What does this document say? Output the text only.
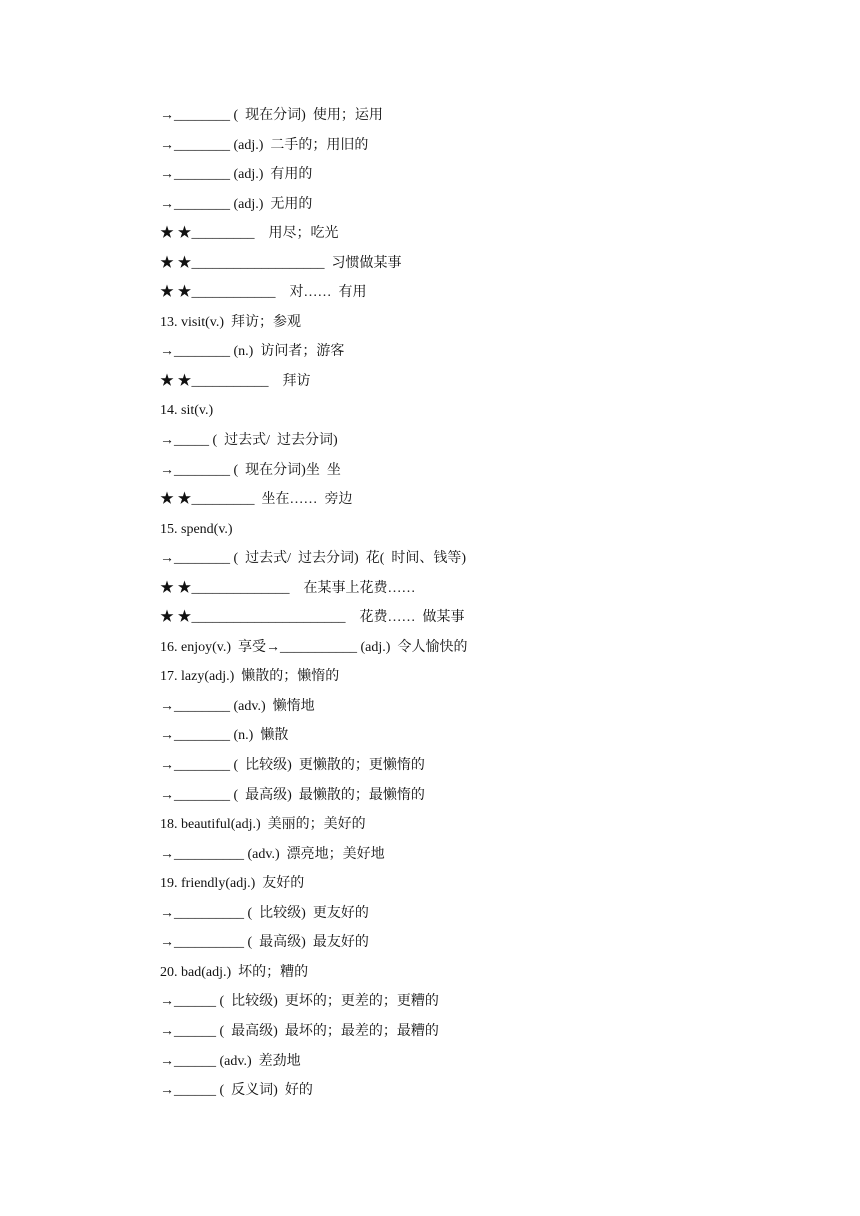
→________ (  现在分词)  使用；运用
→________ (adj.)  二手的；用旧的
→________ (adj.)  有用的
→________ (adj.)  无用的
★ ★_________    用尽；吃光
★ ★___________________  习惯做某事
★ ★____________    对……  有用
13. visit(v.)  拜访；参观
→________ (n.)  访问者；游客
★ ★___________    拜访
14. sit(v.)
→_____ (  过去式/  过去分词)
→________ (  现在分词)坐  坐
★ ★_________  坐在……  旁边
15. spend(v.)
→________ (  过去式/  过去分词)  花(  时间、钱等)
★ ★______________    在某事上花费……
★ ★______________________    花费……  做某事
16. enjoy(v.)  享受→___________ (adj.)  令人愉快的
17. lazy(adj.)  懒散的；懒惰的
→________ (adv.)  懒惰地
→________ (n.)  懒散
→________ (  比较级)  更懒散的；更懒惰的
→________ (  最高级)  最懒散的；最懒惰的
18. beautiful(adj.)  美丽的；美好的
→__________ (adv.)  漂亮地；美好地
19. friendly(adj.)  友好的
→__________ (  比较级)  更友好的
→__________ (  最高级)  最友好的
20. bad(adj.)  坏的；糟的
→______ (  比较级)  更坏的；更差的；更糟的
→______ (  最高级)  最坏的；最差的；最糟的
→______ (adv.)  差劲地
→______ (  反义词)  好的
